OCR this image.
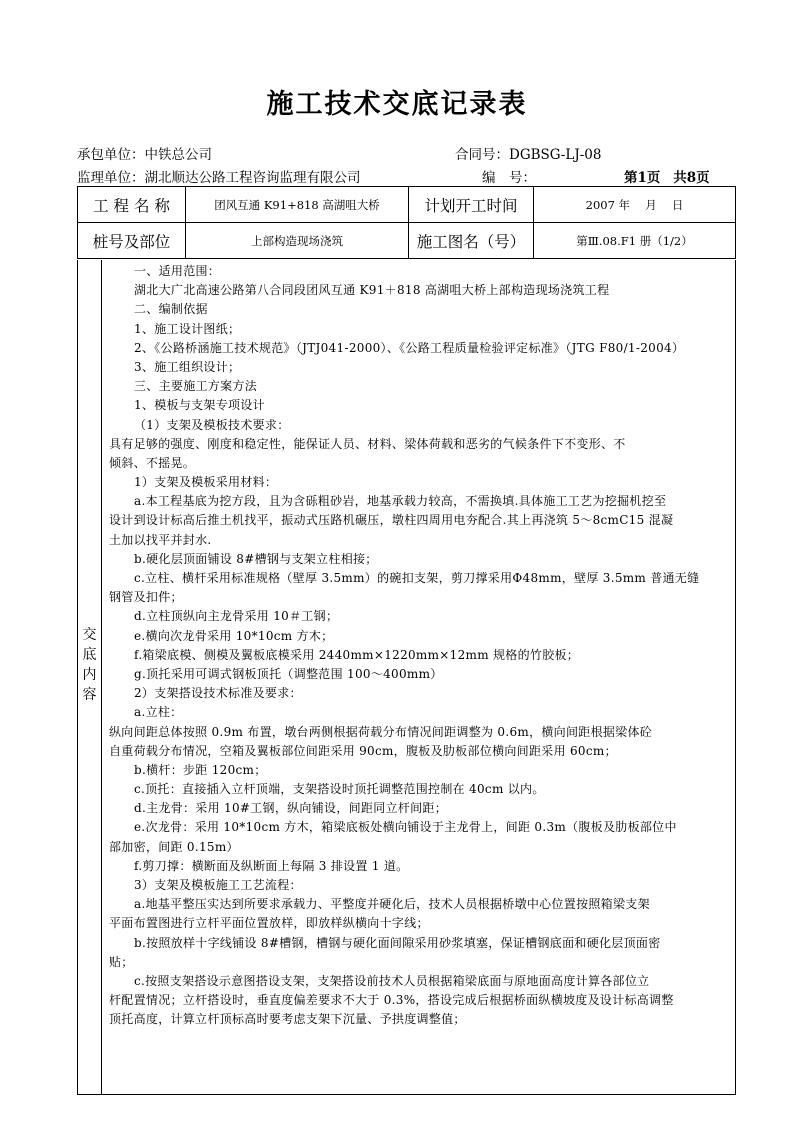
施工技术交底记录表
承包单位：中铁总公司	合同号：DGBSG-LJ-08
监理单位：湖北顺达公路工程咨询监理有限公司	编　号：	第1页 共8页
工 程 名 称	团风互通 K91+818 高湖咀大桥	计划开工时间	2007 年　 月　 日
桩号及部位	上部构造现场浇筑	施工图名（号）	第Ⅲ.08.F1 册（1/2）
交
底
内
容
一、适用范围：
湖北大广北高速公路第八合同段团风互通 K91＋818 高湖咀大桥上部构造现场浇筑工程
二、编制依据
1、施工设计图纸；
2、《公路桥涵施工技术规范》（JTJ041-2000）、《公路工程质量检验评定标准》（JTG F80/1-2004）
3、施工组织设计；
三、主要施工方案方法
1、模板与支架专项设计
（1）支架及模板技术要求：
具有足够的强度、刚度和稳定性，能保证人员、材料、梁体荷载和恶劣的气候条件下不变形、不
倾斜、不摇晃。
1）支架及模板采用材料：
a.本工程基底为挖方段，且为含砾粗砂岩，地基承载力较高，不需换填.具体施工工艺为挖掘机挖至
设计到设计标高后推土机找平，振动式压路机碾压，墩柱四周用电夯配合.其上再浇筑 5～8cmC15 混凝
土加以找平并封水.
b.硬化层顶面铺设 8#槽钢与支架立柱相接；
c.立柱、横杆采用标准规格（壁厚 3.5mm）的碗扣支架，剪刀撑采用Φ48mm，壁厚 3.5mm 普通无缝
钢管及扣件；
d.立柱顶纵向主龙骨采用 10＃工钢；
e.横向次龙骨采用 10*10cm 方木；
f.箱梁底模、侧模及翼板底模采用 2440mm×1220mm×12mm 规格的竹胶板；
g.顶托采用可调式钢板顶托（调整范围 100～400mm）
2）支架搭设技术标准及要求：
a.立柱：
纵向间距总体按照 0.9m 布置，墩台两侧根据荷载分布情况间距调整为 0.6m，横向间距根据梁体砼
自重荷载分布情况，空箱及翼板部位间距采用 90cm，腹板及肋板部位横向间距采用 60cm；
b.横杆：步距 120cm；
c.顶托：直接插入立杆顶端，支架搭设时顶托调整范围控制在 40cm 以内。
d.主龙骨：采用 10#工钢，纵向铺设，间距同立杆间距；
e.次龙骨：采用 10*10cm 方木，箱梁底板处横向铺设于主龙骨上，间距 0.3m（腹板及肋板部位中
部加密，间距 0.15m）
f.剪刀撑：横断面及纵断面上每隔 3 排设置 1 道。
3）支架及模板施工工艺流程：
a.地基平整压实达到所要求承载力、平整度并硬化后，技术人员根据桥墩中心位置按照箱梁支架
平面布置图进行立杆平面位置放样，即放样纵横向十字线；
b.按照放样十字线铺设 8#槽钢，槽钢与硬化面间隙采用砂浆填塞，保证槽钢底面和硬化层顶面密
贴；
c.按照支架搭设示意图搭设支架，支架搭设前技术人员根据箱梁底面与原地面高度计算各部位立
杆配置情况；立杆搭设时，垂直度偏差要求不大于 0.3%，搭设完成后根据桥面纵横坡度及设计标高调整
顶托高度，计算立杆顶标高时要考虑支架下沉量、予拱度调整值；
